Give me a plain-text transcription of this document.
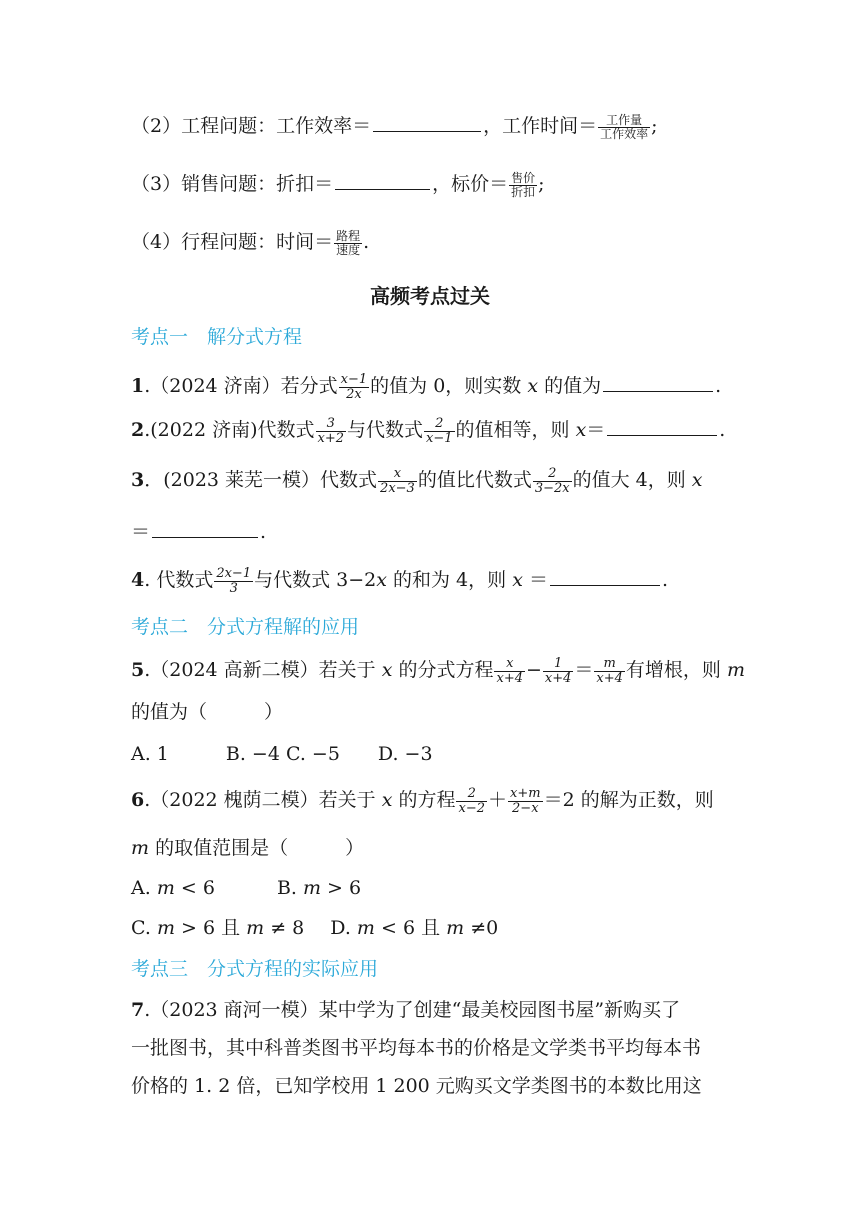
（2）工程问题：工作效率＝	，工作时间＝ 工作量
工作效率 ;
（3）销售问题：折扣＝	，标价＝ 售价
折扣 ;
（4）行程问题：时间＝ 路程
速度 .
高频考点过关
考点一　解分式方程
1.（2024 济南）若分式 $\frac{x-1}{2x}$ 的值为 0，则实数 x 的值为	.
2.(2022 济南)代数式 $\frac{3}{x+2}$ 与代数式 $\frac{2}{x-1}$ 的值相等，则 x＝	.
3．(2023 莱芜一模）代数式 $\frac{x}{2x-3}$ 的值比代数式 $\frac{2}{3-2x}$ 的值大 4，则 x
＝	.
4. 代数式 $\frac{2x-1}{3}$ 与代数式 3−2x 的和为 4，则 x ＝	.
考点二　分式方程解的应用
5.（2024 高新二模）若关于 x 的分式方程 $\frac{x}{x+4} - \frac{1}{x+4} = \frac{m}{x+4}$ 有增根，则 m
的值为（　　　）
A. 1　　　B. −4 C. −5　　D. −3
6.（2022 槐荫二模）若关于 x 的方程 $\frac{2}{x-2} + \frac{x+m}{2-x} =2$ 的解为正数，则
m 的取值范围是（　　　）
A. m < 6	B. m > 6
C. m > 6 且 m ≠ 8 D. m < 6 且 m ≠0
考点三　分式方程的实际应用
7.（2023 商河一模）某中学为了创建“最美校园图书屋”新购买了
一批图书，其中科普类图书平均每本书的价格是文学类书平均每本书
价格的 1. 2 倍，已知学校用 1 200 元购买文学类图书的本数比用这
